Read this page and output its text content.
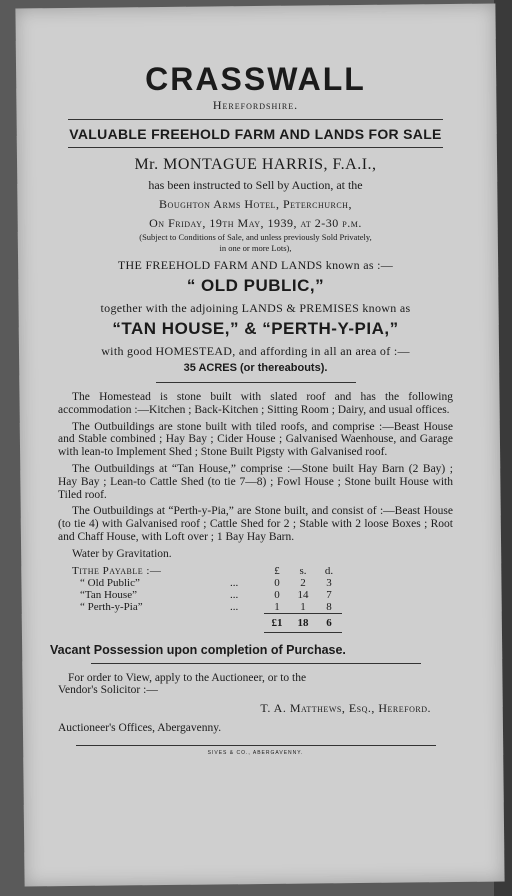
CRASSWALL
Herefordshire.
VALUABLE FREEHOLD FARM AND LANDS FOR SALE
Mr. MONTAGUE HARRIS, F.A.I.,
has been instructed to Sell by Auction, at the
Boughton Arms Hotel, Peterchurch,
On Friday, 19th May, 1939, at 2-30 p.m.
(Subject to Conditions of Sale, and unless previously Sold Privately,
in one or more Lots),
THE FREEHOLD FARM AND LANDS known as :—
“ OLD PUBLIC,”
together with the adjoining LANDS & PREMISES known as
“TAN HOUSE,” & “PERTH-Y-PIA,”
with good HOMESTEAD, and affording in all an area of :—
35 ACRES (or thereabouts).
The Homestead is stone built with slated roof and has the following accommodation :—Kitchen ; Back-Kitchen ; Sitting Room ; Dairy, and usual offices.
The Outbuildings are stone built with tiled roofs, and comprise :—Beast House and Stable combined ; Hay Bay ; Cider House ; Galvanised Waenhouse, and Garage with lean-to Implement Shed ; Stone Built Pigsty with Galvanised roof.
The Outbuildings at “Tan House,” comprise :—Stone built Hay Barn (2 Bay) ; Hay Bay ; Lean-to Cattle Shed (to tie 7—8) ; Fowl House ; Stone built House with Tiled roof.
The Outbuildings at “Perth-y-Pia,” are Stone built, and consist of :—Beast House (to tie 4) with Galvanised roof ; Cattle Shed for 2 ; Stable with 2 loose Boxes ; Root and Chaff House, with Loft over ; 1 Bay Hay Barn.
Water by Gravitation.
Tithe Payable :—		£	s.	d.
“ Old Public”	...	0	2	3
“Tan House”	...	0	14	7
“ Perth-y-Pia”	...	1	1	8
		£1	18	6
Vacant Possession upon completion of Purchase.
For order to View, apply to the Auctioneer, or to the
Vendor's Solicitor :—
T. A. Matthews, Esq., Hereford.
Auctioneer's Offices, Abergavenny.
SIVES & CO., ABERGAVENNY.
